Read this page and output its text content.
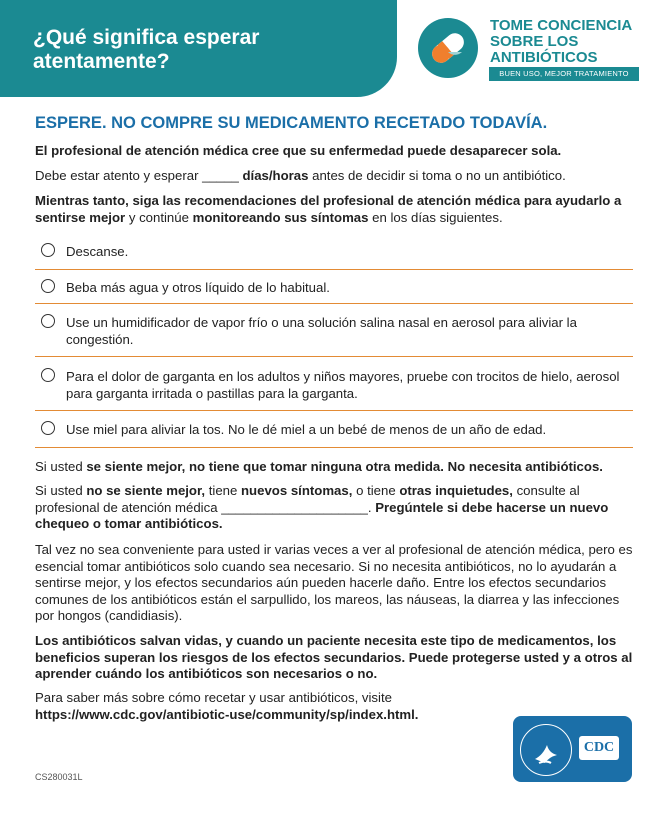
¿Qué significa esperar
atentamente?
TOME CONCIENCIA
SOBRE LOS
ANTIBIÓTICOS
BUEN USO, MEJOR TRATAMIENTO
ESPERE. NO COMPRE SU MEDICAMENTO RECETADO TODAVÍA.
El profesional de atención médica cree que su enfermedad puede desaparecer sola.
Debe estar atento y esperar _____ días/horas antes de decidir si toma o no un antibiótico.
Mientras tanto, siga las recomendaciones del profesional de atención médica para ayudarlo a sentirse mejor y continúe monitoreando sus síntomas en los días siguientes.
Descanse.
Beba más agua y otros líquido de lo habitual.
Use un humidificador de vapor frío o una solución salina nasal en aerosol para aliviar la congestión.
Para el dolor de garganta en los adultos y niños mayores, pruebe con trocitos de hielo, aerosol para garganta irritada o pastillas para la garganta.
Use miel para aliviar la tos. No le dé miel a un bebé de menos de un año de edad.
Si usted se siente mejor, no tiene que tomar ninguna otra medida. No necesita antibióticos.
Si usted no se siente mejor, tiene nuevos síntomas, o tiene otras inquietudes, consulte al profesional de atención médica ____________________. Pregúntele si debe hacerse un nuevo chequeo o tomar antibióticos.
Tal vez no sea conveniente para usted ir varias veces a ver al profesional de atención médica, pero es esencial tomar antibióticos solo cuando sea necesario. Si no necesita antibióticos, no lo ayudarán a sentirse mejor, y los efectos secundarios aún pueden hacerle daño. Entre los efectos secundarios comunes de los antibióticos están el sarpullido, los mareos, las náuseas, la diarrea y las infecciones por hongos (candidiasis).
Los antibióticos salvan vidas, y cuando un paciente necesita este tipo de medicamentos, los beneficios superan los riesgos de los efectos secundarios. Puede protegerse usted y a otros al aprender cuándo los antibióticos son necesarios o no.
Para saber más sobre cómo recetar y usar antibióticos, visite
https://www.cdc.gov/antibiotic-use/community/sp/index.html.
CDC
CS280031L
